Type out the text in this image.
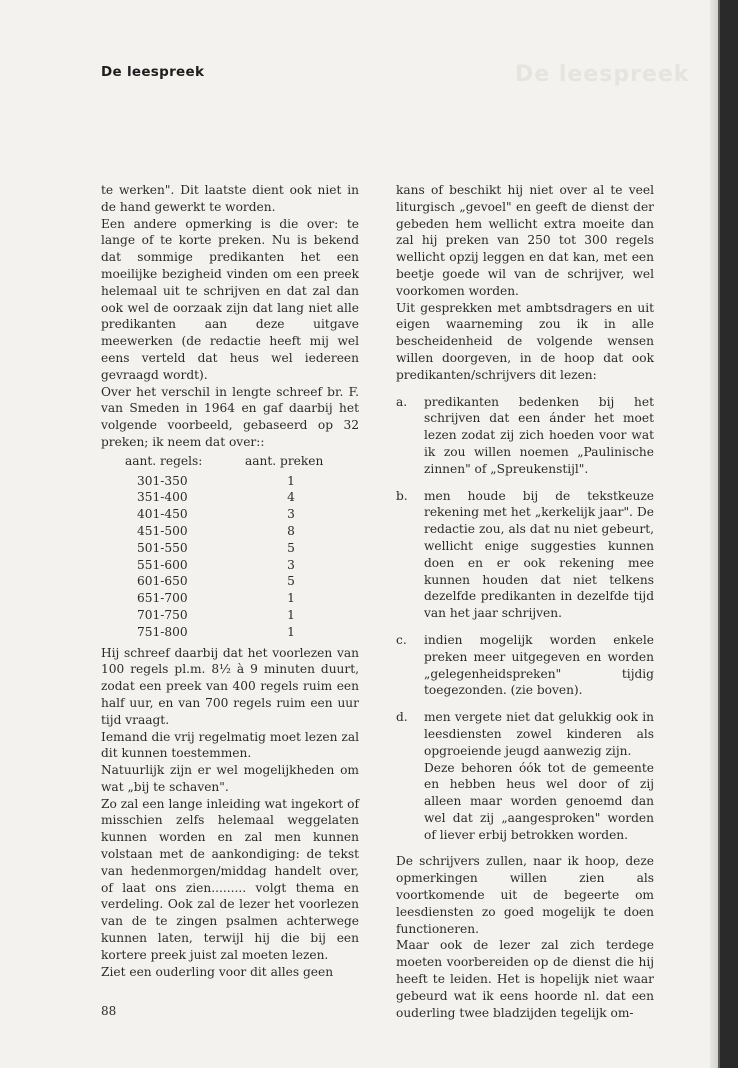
De leespreek
De leespreek

te werken". Dit laatste dient ook niet in de hand gewerkt te worden.

Een andere opmerking is die over: te lange of te korte preken. Nu is bekend dat sommige predikanten het een moeilijke bezigheid vinden om een preek helemaal uit te schrijven en dat zal dan ook wel de oorzaak zijn dat lang niet alle predikanten aan deze uitgave meewerken (de redactie heeft mij wel eens verteld dat heus wel iedereen gevraagd wordt).

Over het verschil in lengte schreef br. F. van Smeden in 1964 en gaf daarbij het volgende voorbeeld, gebaseerd op 32 preken; ik neem dat over::

aant. regels:	aant. preken
301-350	1
351-400	4
401-450	3
451-500	8
501-550	5
551-600	3
601-650	5
651-700	1
701-750	1
751-800	1

Hij schreef daarbij dat het voorlezen van 100 regels pl.m. 8½ à 9 minuten duurt, zodat een preek van 400 regels ruim een half uur, en van 700 regels ruim een uur tijd vraagt.

Iemand die vrij regelmatig moet lezen zal dit kunnen toestemmen.

Natuurlijk zijn er wel mogelijkheden om wat „bij te schaven".

Zo zal een lange inleiding wat ingekort of misschien zelfs helemaal weggelaten kunnen worden en zal men kunnen volstaan met de aankondiging: de tekst van hedenmorgen/middag handelt over, of laat ons zien......... volgt thema en verdeling. Ook zal de lezer het voorlezen van de te zingen psalmen achterwege kunnen laten, terwijl hij die bij een kortere preek juist zal moeten lezen.

Ziet een ouderling voor dit alles geen

kans of beschikt hij niet over al te veel liturgisch „gevoel" en geeft de dienst der gebeden hem wellicht extra moeite dan zal hij preken van 250 tot 300 regels wellicht opzij leggen en dat kan, met een beetje goede wil van de schrijver, wel voorkomen worden.

Uit gesprekken met ambtsdragers en uit eigen waarneming zou ik in alle bescheidenheid de volgende wensen willen doorgeven, in de hoop dat ook predikanten/schrijvers dit lezen:

a.	predikanten bedenken bij het schrijven dat een ánder het moet lezen zodat zij zich hoeden voor wat ik zou willen noemen „Paulinische zinnen" of „Spreukenstijl".

b.	men houde bij de tekstkeuze rekening met het „kerkelijk jaar". De redactie zou, als dat nu niet gebeurt, wellicht enige suggesties kunnen doen en er ook rekening mee kunnen houden dat niet telkens dezelfde predikanten in dezelfde tijd van het jaar schrijven.

c.	indien mogelijk worden enkele preken meer uitgegeven en worden „gelegenheidspreken" tijdig toegezonden. (zie boven).

d.	men vergete niet dat gelukkig ook in leesdiensten zowel kinderen als opgroeiende jeugd aanwezig zijn.

Deze behoren óók tot de gemeente en hebben heus wel door of zij alleen maar worden genoemd dan wel dat zij „aangesproken" worden of liever erbij betrokken worden.

De schrijvers zullen, naar ik hoop, deze opmerkingen willen zien als voortkomende uit de begeerte om leesdiensten zo goed mogelijk te doen functioneren.

Maar ook de lezer zal zich terdege moeten voorbereiden op de dienst die hij heeft te leiden. Het is hopelijk niet waar gebeurd wat ik eens hoorde nl. dat een ouderling twee bladzijden tegelijk om-

88
